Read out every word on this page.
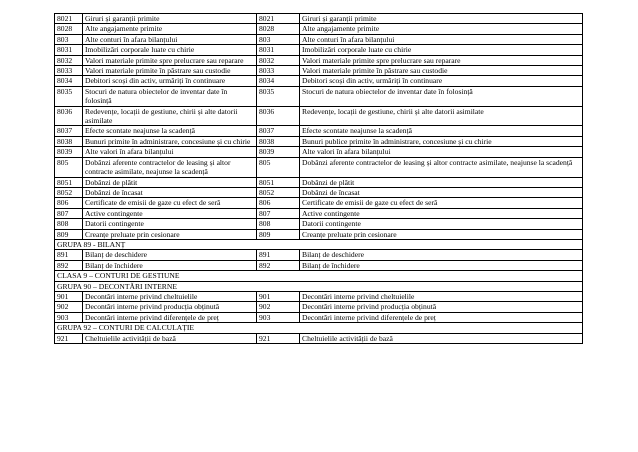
8021	Giruri și garanții primite	8021	Giruri și garanții primite
8028	Alte angajamente primite	8028	Alte angajamente primite
803	Alte conturi în afara bilanțului	803	Alte conturi în afara bilanțului
8031	Imobilizări corporale luate cu chirie	8031	Imobilizări corporale luate cu chirie
8032	Valori materiale primite spre prelucrare sau reparare	8032	Valori materiale primite spre prelucrare sau reparare
8033	Valori materiale primite în păstrare sau custodie	8033	Valori materiale primite în păstrare sau custodie
8034	Debitori scoși din activ, urmăriți în continuare	8034	Debitori scoși din activ, urmăriți în continuare
8035	Stocuri de natura obiectelor de inventar date în folosință	8035	Stocuri de natura obiectelor de inventar date în folosință
8036	Redevențe, locații de gestiune, chirii și alte datorii asimilate	8036	Redevențe, locații de gestiune, chirii și alte datorii asimilate
8037	Efecte scontate neajunse la scadență	8037	Efecte scontate neajunse la scadență
8038	Bunuri primite în administrare, concesiune și cu chirie	8038	Bunuri publice primite în administrare, concesiune și cu chirie
8039	Alte valori în afara bilanțului	8039	Alte valori în afara bilanțului
805	Dobânzi aferente contractelor de leasing și altor contracte asimilate, neajunse la scadență	805	Dobânzi aferente contractelor de leasing și altor contracte asimilate, neajunse la scadență
8051	Dobânzi de plătit	8051	Dobânzi de plătit
8052	Dobânzi de încasat	8052	Dobânzi de încasat
806	Certificate de emisii de gaze cu efect de seră	806	Certificate de emisii de gaze cu efect de seră
807	Active contingente	807	Active contingente
808	Datorii contingente	808	Datorii contingente
809	Creanțe preluate prin cesionare	809	Creanțe preluate prin cesionare
GRUPA 89 - BILANȚ			
891	Bilanț de deschidere	891	Bilanț de deschidere
892	Bilanț de închidere	892	Bilanț de închidere
CLASA 9 – CONTURI DE GESTIUNE			
GRUPA 90 – DECONTĂRI INTERNE			
901	Decontări interne privind cheltuielile	901	Decontări interne privind cheltuielile
902	Decontări interne privind producția obținută	902	Decontări interne privind producția obținută
903	Decontări interne privind diferențele de preț	903	Decontări interne privind diferențele de preț
GRUPA 92 – CONTURI DE CALCULAȚIE			
921	Cheltuielile activității de bază	921	Cheltuielile activității de bază
